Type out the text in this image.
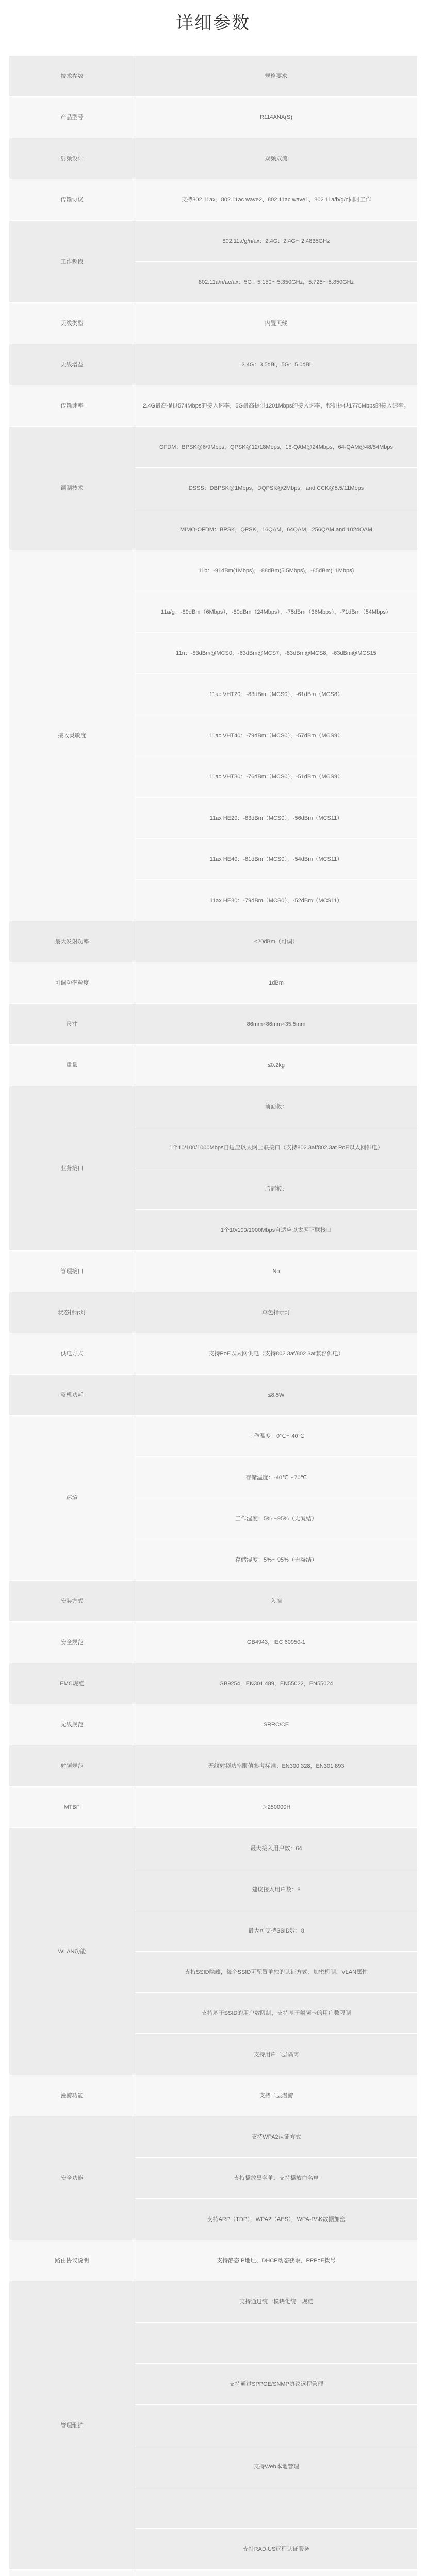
详细参数
技术参数	规格要求
产品型号	R114ANA(S)
射频设计	双频双流
传输协议	支持802.11ax、802.11ac wave2、802.11ac wave1、802.11a/b/g/n同时工作
工作频段	802.11a/g/n/ax：2.4G：2.4G～2.4835GHz
	802.11a/n/ac/ax：5G：5.150～5.350GHz，5.725～5.850GHz
天线类型	内置天线
天线增益	2.4G：3.5dBi，5G：5.0dBi
传输速率	2.4G最高提供574Mbps的接入速率，5G最高提供1201Mbps的接入速率，整机提供1775Mbps的接入速率。
调制技术	OFDM：BPSK@6/9Mbps，QPSK@12/18Mbps，16-QAM@24Mbps，64-QAM@48/54Mbps
	DSSS：DBPSK@1Mbps，DQPSK@2Mbps，and CCK@5.5/11Mbps
	MIMO-OFDM：BPSK，QPSK，16QAM，64QAM，256QAM and 1024QAM
接收灵敏度	11b：-91dBm(1Mbps)，-88dBm(5.5Mbps)，-85dBm(11Mbps)
	11a/g：-89dBm（6Mbps），-80dBm（24Mbps），-75dBm（36Mbps），-71dBm（54Mbps）
	11n：-83dBm@MCS0，-63dBm@MCS7，-83dBm@MCS8，-63dBm@MCS15
	11ac VHT20：-83dBm（MCS0），-61dBm（MCS8）
	11ac VHT40：-79dBm（MCS0），-57dBm（MCS9）
	11ac VHT80：-76dBm（MCS0），-51dBm（MCS9）
	11ax HE20：-83dBm（MCS0），-56dBm（MCS11）
	11ax HE40：-81dBm（MCS0），-54dBm（MCS11）
	11ax HE80：-79dBm（MCS0），-52dBm（MCS11）
最大发射功率	≤20dBm（可调）
可调功率粒度	1dBm
尺寸	86mm×86mm×35.5mm
重量	≤0.2kg
业务接口	前面板：
	1个10/100/1000Mbps自适应以太网上联接口（支持802.3af/802.3at PoE以太网供电）
	后面板：
	1个10/100/1000Mbps自适应以太网下联接口
管理接口	No
状态指示灯	单色指示灯
供电方式	支持PoE以太网供电（支持802.3af/802.3at兼容供电）
整机功耗	≤8.5W
环境	工作温度：0℃～40℃
	存储温度：-40℃～70℃
	工作湿度：5%～95%（无凝结）
	存储湿度：5%～95%（无凝结）
安装方式	入墙
安全规范	GB4943，IEC 60950-1
EMC规范	GB9254，EN301 489，EN55022，EN55024
无线规范	SRRC/CE
射频规范	无线射频功率限值参考标准：EN300 328，EN301 893
MTBF	＞250000H
WLAN功能	最大接入用户数：64
	建议接入用户数：8
	最大可支持SSID数：8
	支持SSID隐藏，每个SSID可配置单独的认证方式、加密机制、VLAN属性
	支持基于SSID的用户数限制，支持基于射频卡的用户数限制
	支持用户二层隔离
漫游功能	支持二层漫游
安全功能	支持WPA2认证方式
	支持播放黑名单、支持播放白名单
	支持ARP（TDP），WPA2（AES），WPA-PSK数据加密
路由协议说明	支持静态IP地址、DHCP动态获取、PPPoE拨号
管理维护	支持通过统一模块化统一规范

	支持通过SPPOE/SNMP协议远程管理

	支持Web本地管理

	支持RADIUS远程认证服务
